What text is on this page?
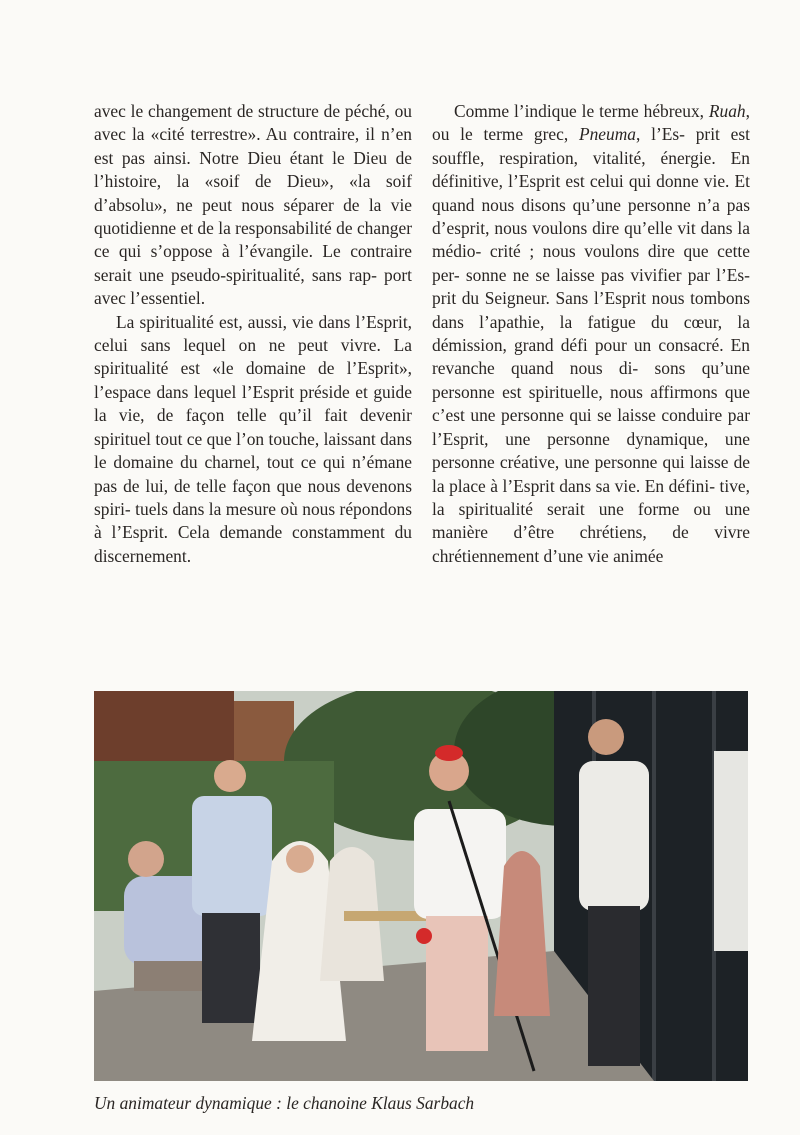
avec le changement de structure de péché, ou avec la «cité terrestre». Au contraire, il n’en est pas ainsi. Notre Dieu étant le Dieu de l’histoire, la «soif de Dieu», «la soif d’absolu», ne peut nous séparer de la vie quotidienne et de la responsabilité de changer ce qui s’oppose à l’évangile. Le contraire serait une pseudo-spiritualité, sans rap- port avec l’essentiel.

La spiritualité est, aussi, vie dans l’Esprit, celui sans lequel on ne peut vivre. La spiritualité est «le domaine de l’Esprit», l’espace dans lequel l’Esprit préside et guide la vie, de façon telle qu’il fait devenir spirituel tout ce que l’on touche, laissant dans le domaine du charnel, tout ce qui n’émane pas de lui, de telle façon que nous devenons spiri- tuels dans la mesure où nous répondons à l’Esprit. Cela demande constamment du discernement.

Comme l’indique le terme hébreux, Ruah, ou le terme grec, Pneuma, l’Es- prit est souffle, respiration, vitalité, énergie. En définitive, l’Esprit est celui qui donne vie. Et quand nous disons qu’une personne n’a pas d’esprit, nous voulons dire qu’elle vit dans la médio- crité ; nous voulons dire que cette per- sonne ne se laisse pas vivifier par l’Es- prit du Seigneur. Sans l’Esprit nous tombons dans l’apathie, la fatigue du cœur, la démission, grand défi pour un consacré. En revanche quand nous di- sons qu’une personne est spirituelle, nous affirmons que c’est une personne qui se laisse conduire par l’Esprit, une personne dynamique, une personne créative, une personne qui laisse de la place à l’Esprit dans sa vie. En défini- tive, la spiritualité serait une forme ou une manière d’être chrétiens, de vivre chrétiennement d’une vie animée

Un animateur dynamique : le chanoine Klaus Sarbach
